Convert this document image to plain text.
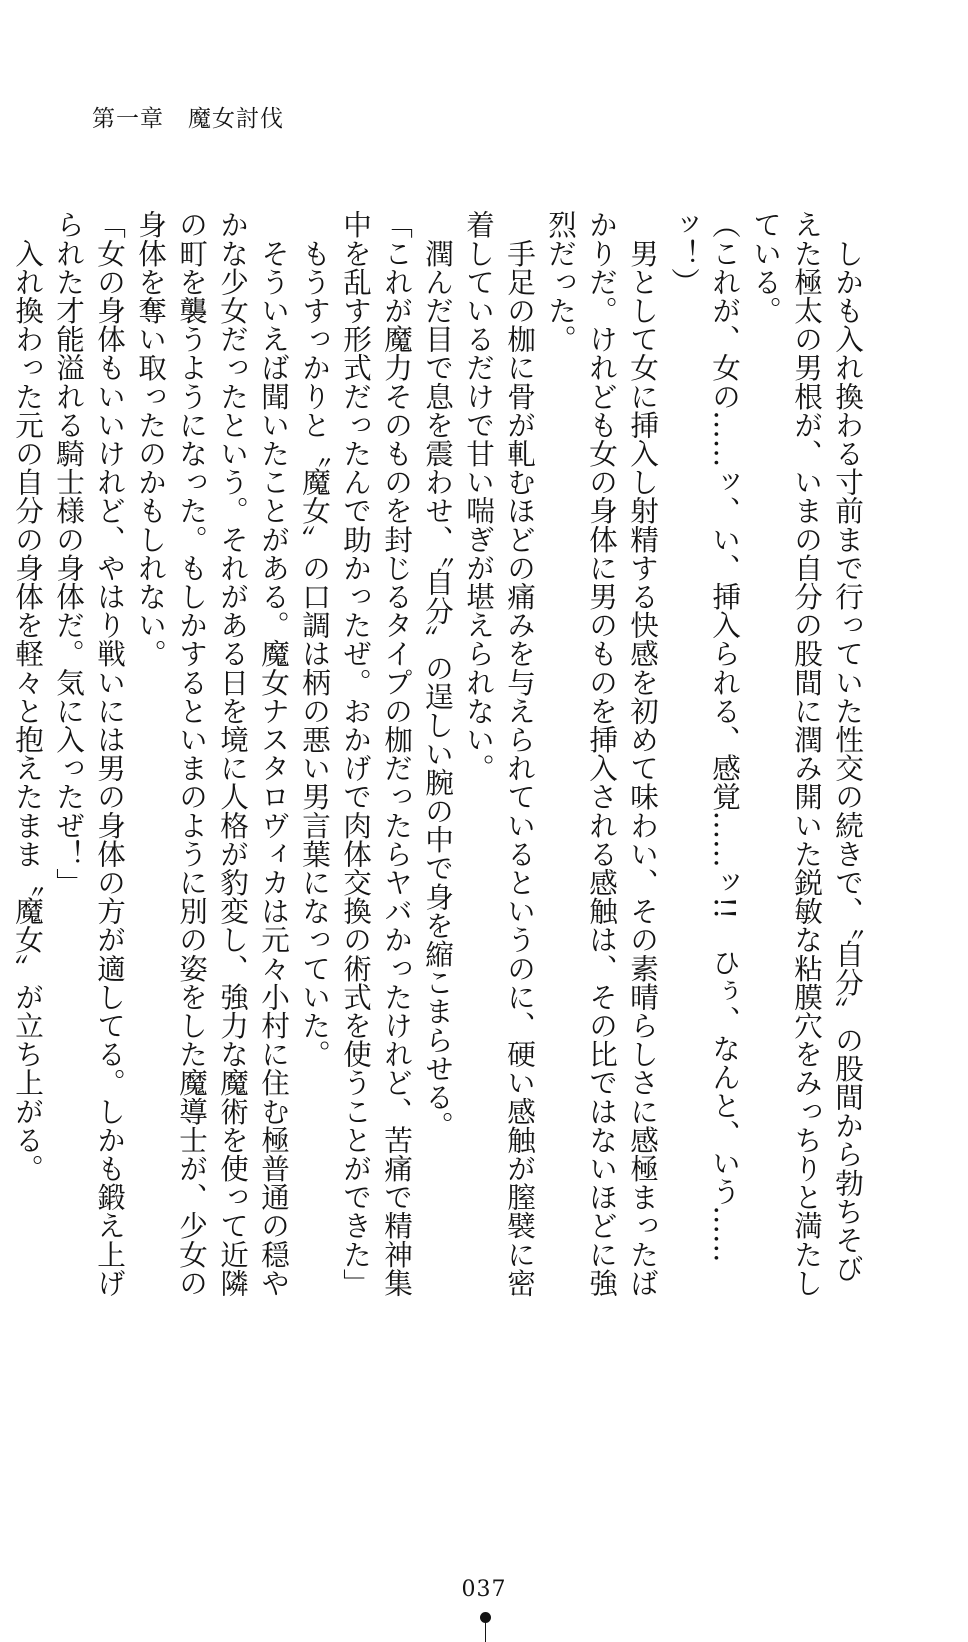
第一章　魔女討伐

　しかも入れ換わる寸前まで行っていた性交の続きで、〝自分〟の股間から勃ちそびえた極太の男根が、いまの自分の股間に潤み開いた鋭敏な粘膜穴をみっちりと満たしている。

（これが、女の……ッ、い、挿入られる、感覚……ッ!!　ひぅ、なんと、いう……ッ！）

　男として女に挿入し射精する快感を初めて味わい、その素晴らしさに感極まったばかりだ。けれども女の身体に男のものを挿入される感触は、その比ではないほどに強烈だった。

　手足の枷に骨が軋むほどの痛みを与えられているというのに、硬い感触が膣襞に密着しているだけで甘い喘ぎが堪えられない。

　潤んだ目で息を震わせ、〝自分〟の逞しい腕の中で身を縮こまらせる。

「これが魔力そのものを封じるタイプの枷だったらヤバかったけれど、苦痛で精神集中を乱す形式だったんで助かったぜ。おかげで肉体交換の術式を使うことができた」

　もうすっかりと〝魔女〟の口調は柄の悪い男言葉になっていた。

　そういえば聞いたことがある。魔女ナスタロヴィカは元々小村に住む極普通の穏やかな少女だったという。それがある日を境に人格が豹変し、強力な魔術を使って近隣の町を襲うようになった。もしかするといまのように別の姿をした魔導士が、少女の身体を奪い取ったのかもしれない。

「女の身体もいいけれど、やはり戦いには男の身体の方が適してる。しかも鍛え上げられた才能溢れる騎士様の身体だ。気に入ったぜ！」

　入れ換わった元の自分の身体を軽々と抱えたまま〝魔女〟が立ち上がる。

037
